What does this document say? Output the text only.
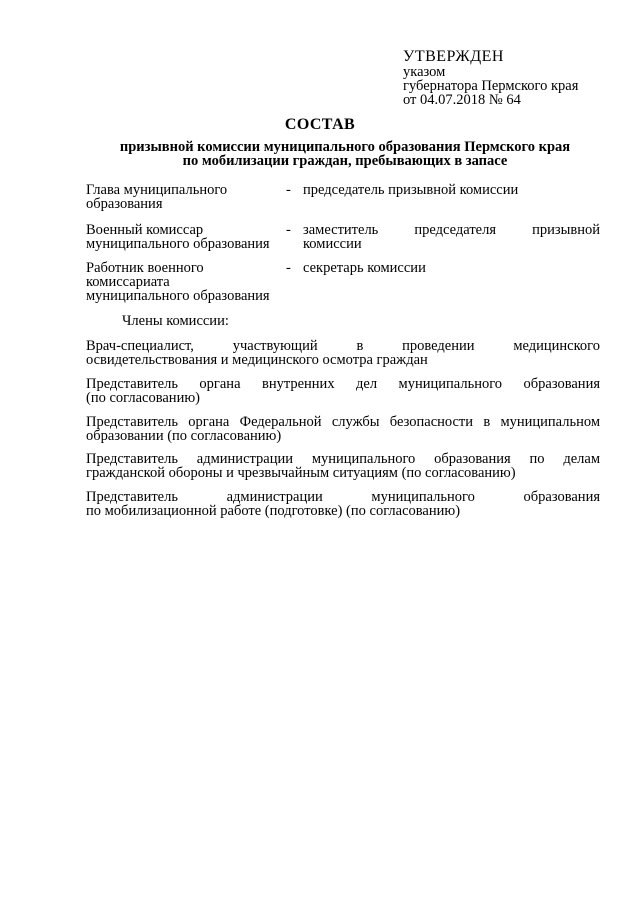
УТВЕРЖДЕН
указом
губернатора Пермского края
от 04.07.2018 № 64
СОСТАВ
призывной комиссии муниципального образования Пермского края
по мобилизации граждан, пребывающих в запасе
Глава муниципального
образования
- председатель призывной комиссии
Военный комиссар
муниципального образования
- заместитель председателя призывной
комиссии
Работник военного
комиссариата
муниципального образования
- секретарь комиссии
Члены комиссии:
Врач-специалист, участвующий в проведении медицинского
освидетельствования и медицинского осмотра граждан
Представитель органа внутренних дел муниципального образования
(по согласованию)
Представитель органа Федеральной службы безопасности в муниципальном
образовании (по согласованию)
Представитель администрации муниципального образования по делам
гражданской обороны и чрезвычайным ситуациям (по согласованию)
Представитель администрации муниципального образования
по мобилизационной работе (подготовке) (по согласованию)
